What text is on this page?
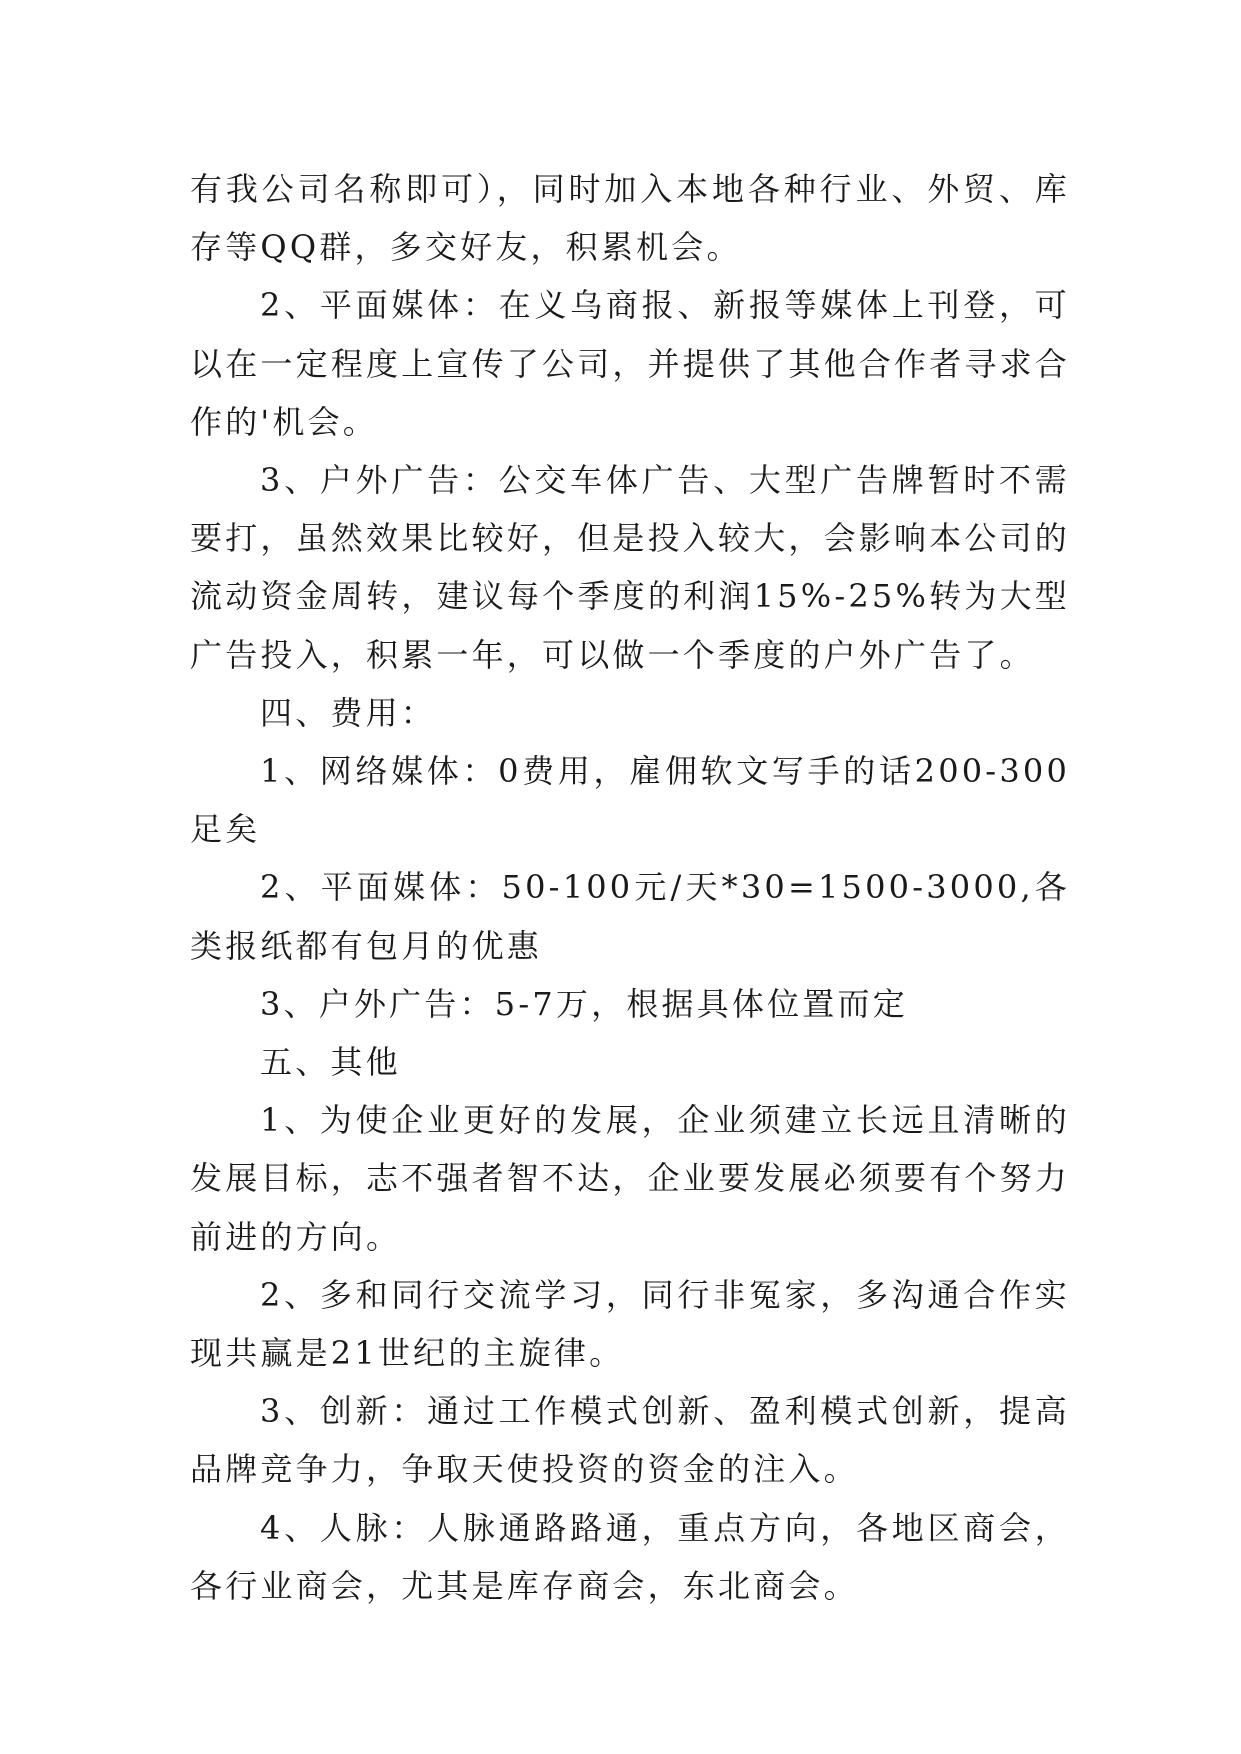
有我公司名称即可），同时加入本地各种行业、外贸、库存等QQ群，多交好友，积累机会。

2、平面媒体：在义乌商报、新报等媒体上刊登，可以在一定程度上宣传了公司，并提供了其他合作者寻求合作的'机会。

3、户外广告：公交车体广告、大型广告牌暂时不需要打，虽然效果比较好，但是投入较大，会影响本公司的流动资金周转，建议每个季度的利润15%-25%转为大型广告投入，积累一年，可以做一个季度的户外广告了。

四、费用：

1、网络媒体：0费用，雇佣软文写手的话200-300足矣

2、平面媒体：50-100元/天*30=1500-3000,各类报纸都有包月的优惠

3、户外广告：5-7万，根据具体位置而定

五、其他

1、为使企业更好的发展，企业须建立长远且清晰的发展目标，志不强者智不达，企业要发展必须要有个努力前进的方向。

2、多和同行交流学习，同行非冤家，多沟通合作实现共赢是21世纪的主旋律。

3、创新：通过工作模式创新、盈利模式创新，提高品牌竞争力，争取天使投资的资金的注入。

4、人脉：人脉通路路通，重点方向，各地区商会，各行业商会，尤其是库存商会，东北商会。
